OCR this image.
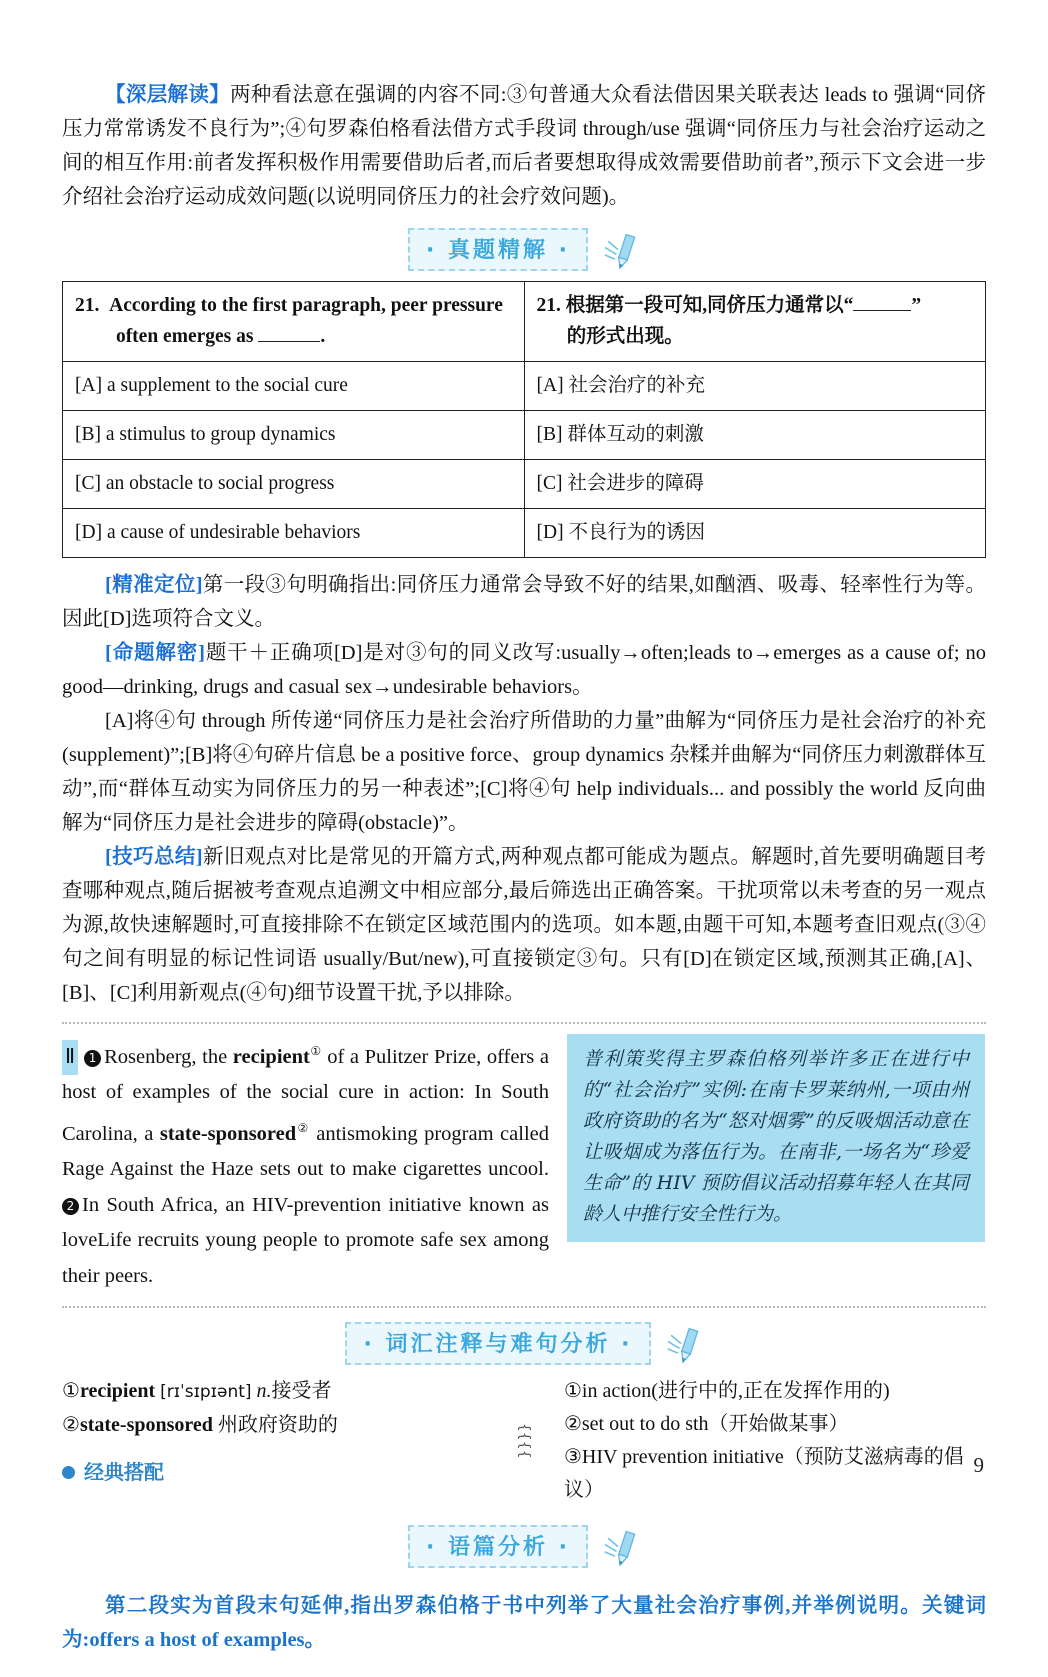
【深层解读】两种看法意在强调的内容不同:③句普通大众看法借因果关联表达 leads to 强调“同侪压力常常诱发不良行为”;④句罗森伯格看法借方式手段词 through/use 强调“同侪压力与社会治疗运动之间的相互作用:前者发挥积极作用需要借助后者,而后者要想取得成效需要借助前者”,预示下文会进一步介绍社会治疗运动成效问题(以说明同侪压力的社会疗效问题)。

· 真题精解 ·
21. According to the first paragraph, peer pressure
often emerges as .	21. 根据第一段可知,同侪压力通常以“ ”
的形式出现。

[A] a supplement to the social cure	[A] 社会治疗的补充
[B] a stimulus to group dynamics	[B] 群体互动的刺激
[C] an obstacle to social progress	[C] 社会进步的障碍
[D] a cause of undesirable behaviors	[D] 不良行为的诱因

[精准定位]第一段③句明确指出:同侪压力通常会导致不好的结果,如酗酒、吸毒、轻率性行为等。因此[D]选项符合文义。

[命题解密]题干＋正确项[D]是对③句的同义改写:usually→often;leads to→emerges as a cause of; no good—drinking, drugs and casual sex→undesirable behaviors。

[A]将④句 through 所传递“同侪压力是社会治疗所借助的力量”曲解为“同侪压力是社会治疗的补充(supplement)”;[B]将④句碎片信息 be a positive force、group dynamics 杂糅并曲解为“同侪压力刺激群体互动”,而“群体互动实为同侪压力的另一种表述”;[C]将④句 help individuals... and possibly the world 反向曲解为“同侪压力是社会进步的障碍(obstacle)”。

[技巧总结]新旧观点对比是常见的开篇方式,两种观点都可能成为题点。解题时,首先要明确题目考查哪种观点,随后据被考查观点追溯文中相应部分,最后筛选出正确答案。干扰项常以未考查的另一观点为源,故快速解题时,可直接排除不在锁定区域范围内的选项。如本题,由题干可知,本题考查旧观点(③④句之间有明显的标记性词语 usually/But/new),可直接锁定③句。只有[D]在锁定区域,预测其正确,[A]、[B]、[C]利用新观点(④句)细节设置干扰,予以排除。

Ⅱ 1 Rosenberg, the recipient① of a Pulitzer Prize, offers a host of examples of the social cure in action: In South Carolina, a state-sponsored② antismoking program called Rage Against the Haze sets out to make cigarettes uncool. 2 In South Africa, an HIV-prevention initiative known as loveLife recruits young people to promote safe sex among their peers.
普利策奖得主罗森伯格列举许多正在进行中的“社会治疗”实例:在南卡罗莱纳州,一项由州政府资助的名为“怒对烟雾”的反吸烟活动意在让吸烟成为落伍行为。在南非,一场名为“珍爱生命”的 HIV 预防倡议活动招募年轻人在其同龄人中推行安全性行为。
· 词汇注释与难句分析 ·
①recipient [rɪˈsɪpɪənt] n.接受者
②state-sponsored 州政府资助的
经典搭配
{{{{
①in action(进行中的,正在发挥作用的)
②set out to do sth（开始做某事）
③HIV prevention initiative（预防艾滋病毒的倡议）
· 语篇分析 ·

第二段实为首段末句延伸,指出罗森伯格于书中列举了大量社会治疗事例,并举例说明。关键词为:offers a host of examples。

9
